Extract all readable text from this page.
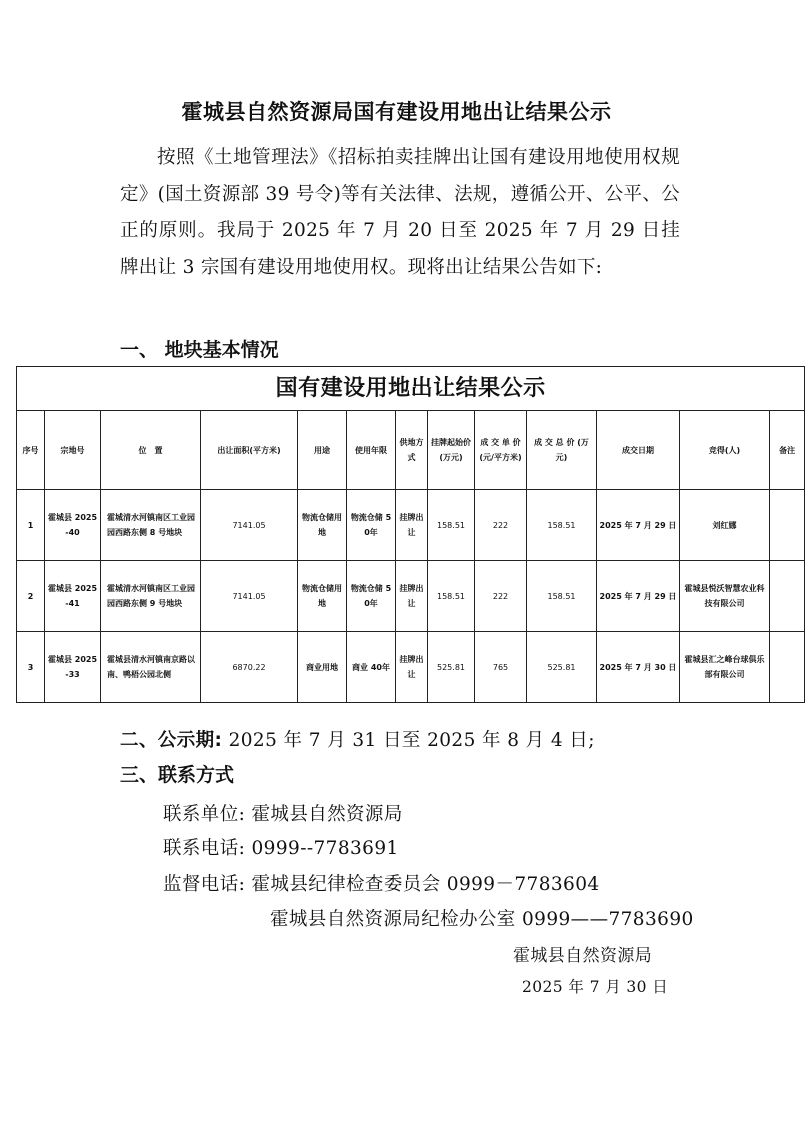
霍城县自然资源局国有建设用地出让结果公示
按照《土地管理法》《招标拍卖挂牌出让国有建设用地使用权规定》(国土资源部 39 号令)等有关法律、法规，遵循公开、公平、公正的原则。我局于 2025 年 7 月 20 日至 2025 年 7 月 29 日挂牌出让 3 宗国有建设用地使用权。现将出让结果公告如下:
一、 地块基本情况
国有建设用地出让结果公示												
序号	宗地号	位　置	出让面积(平方米)	用途	使用年限	供地方式	挂牌起始价(万元)	成 交 单 价 (元/平方米)	成 交 总 价 (万元)	成交日期	竞得(人)	备注
1	霍城县 2025-40	霍城清水河镇南区工业园园西路东侧 8 号地块	7141.05	物流仓储用地	物流仓储 50年	挂牌出让	158.51	222	158.51	2025 年 7 月 29 日	刘红娜	
2	霍城县 2025-41	霍城清水河镇南区工业园园西路东侧 9 号地块	7141.05	物流仓储用地	物流仓储 50年	挂牌出让	158.51	222	158.51	2025 年 7 月 29 日	霍城县悦沃智慧农业科技有限公司	
3	霍城县 2025-33	霍城县清水河镇南京路以南、鸭梧公园北侧	6870.22	商业用地	商业 40年	挂牌出让	525.81	765	525.81	2025 年 7 月 30 日	霍城县汇之峰台球俱乐部有限公司	
二、公示期: 2025 年 7 月 31 日至 2025 年 8 月 4 日;
三、联系方式
联系单位: 霍城县自然资源局
联系电话: 0999--7783691
监督电话: 霍城县纪律检查委员会 0999－7783604
霍城县自然资源局纪检办公室 0999——7783690
霍城县自然资源局
2025 年 7 月 30 日
